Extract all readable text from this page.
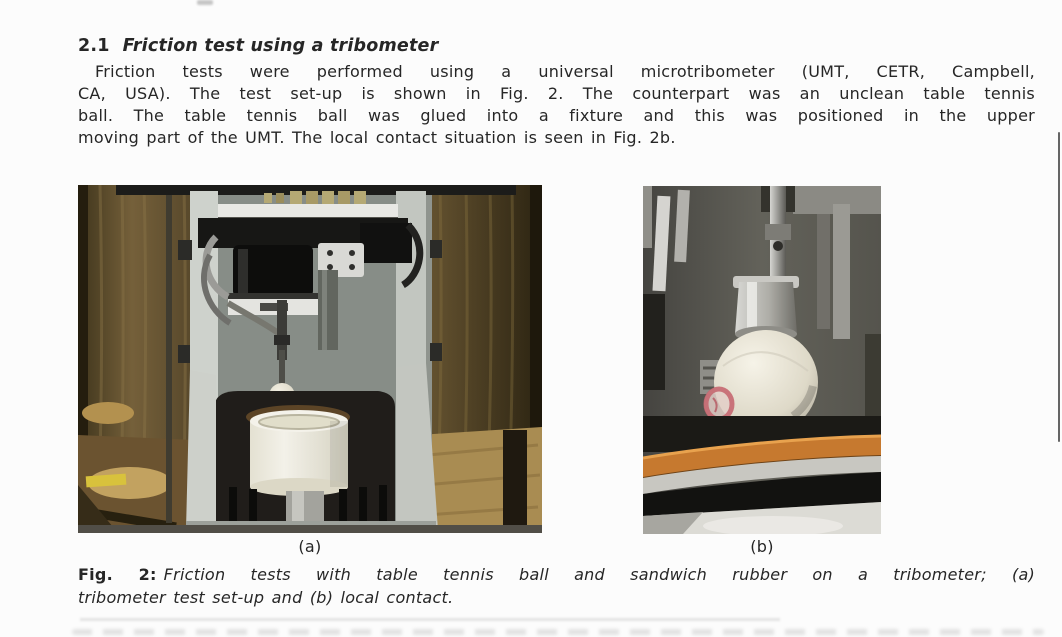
2.1 Friction test using a tribometer
Friction tests were performed using a universal microtribometer (UMT, CETR, Campbell,
CA, USA). The test set-up is shown in Fig. 2. The counterpart was an unclean table tennis
ball. The table tennis ball was glued into a fixture and this was positioned in the upper
moving part of the UMT. The local contact situation is seen in Fig. 2b.
(a)	(b)
Fig. 2: Friction tests with table tennis ball and sandwich rubber on a tribometer; (a)
tribometer test set-up and (b) local contact.
